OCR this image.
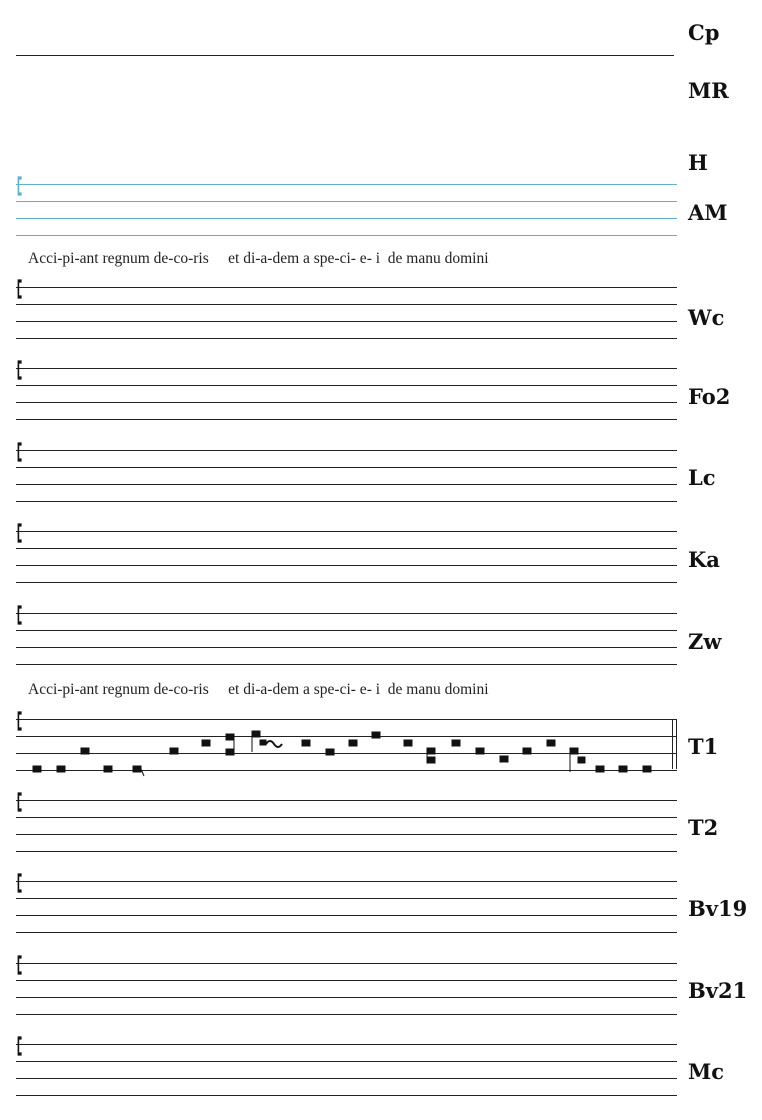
Cp
MR
H
AM
Wc
Fo2
Lc
Ka
Zw
T1
T2
Bv19
Bv21
Mc
Acci-pi-ant regnum de-co-ris     et di-a-dem a spe-ci- e- i  de manu domini
Acci-pi-ant regnum de-co-ris     et di-a-dem a spe-ci- e- i  de manu domini
